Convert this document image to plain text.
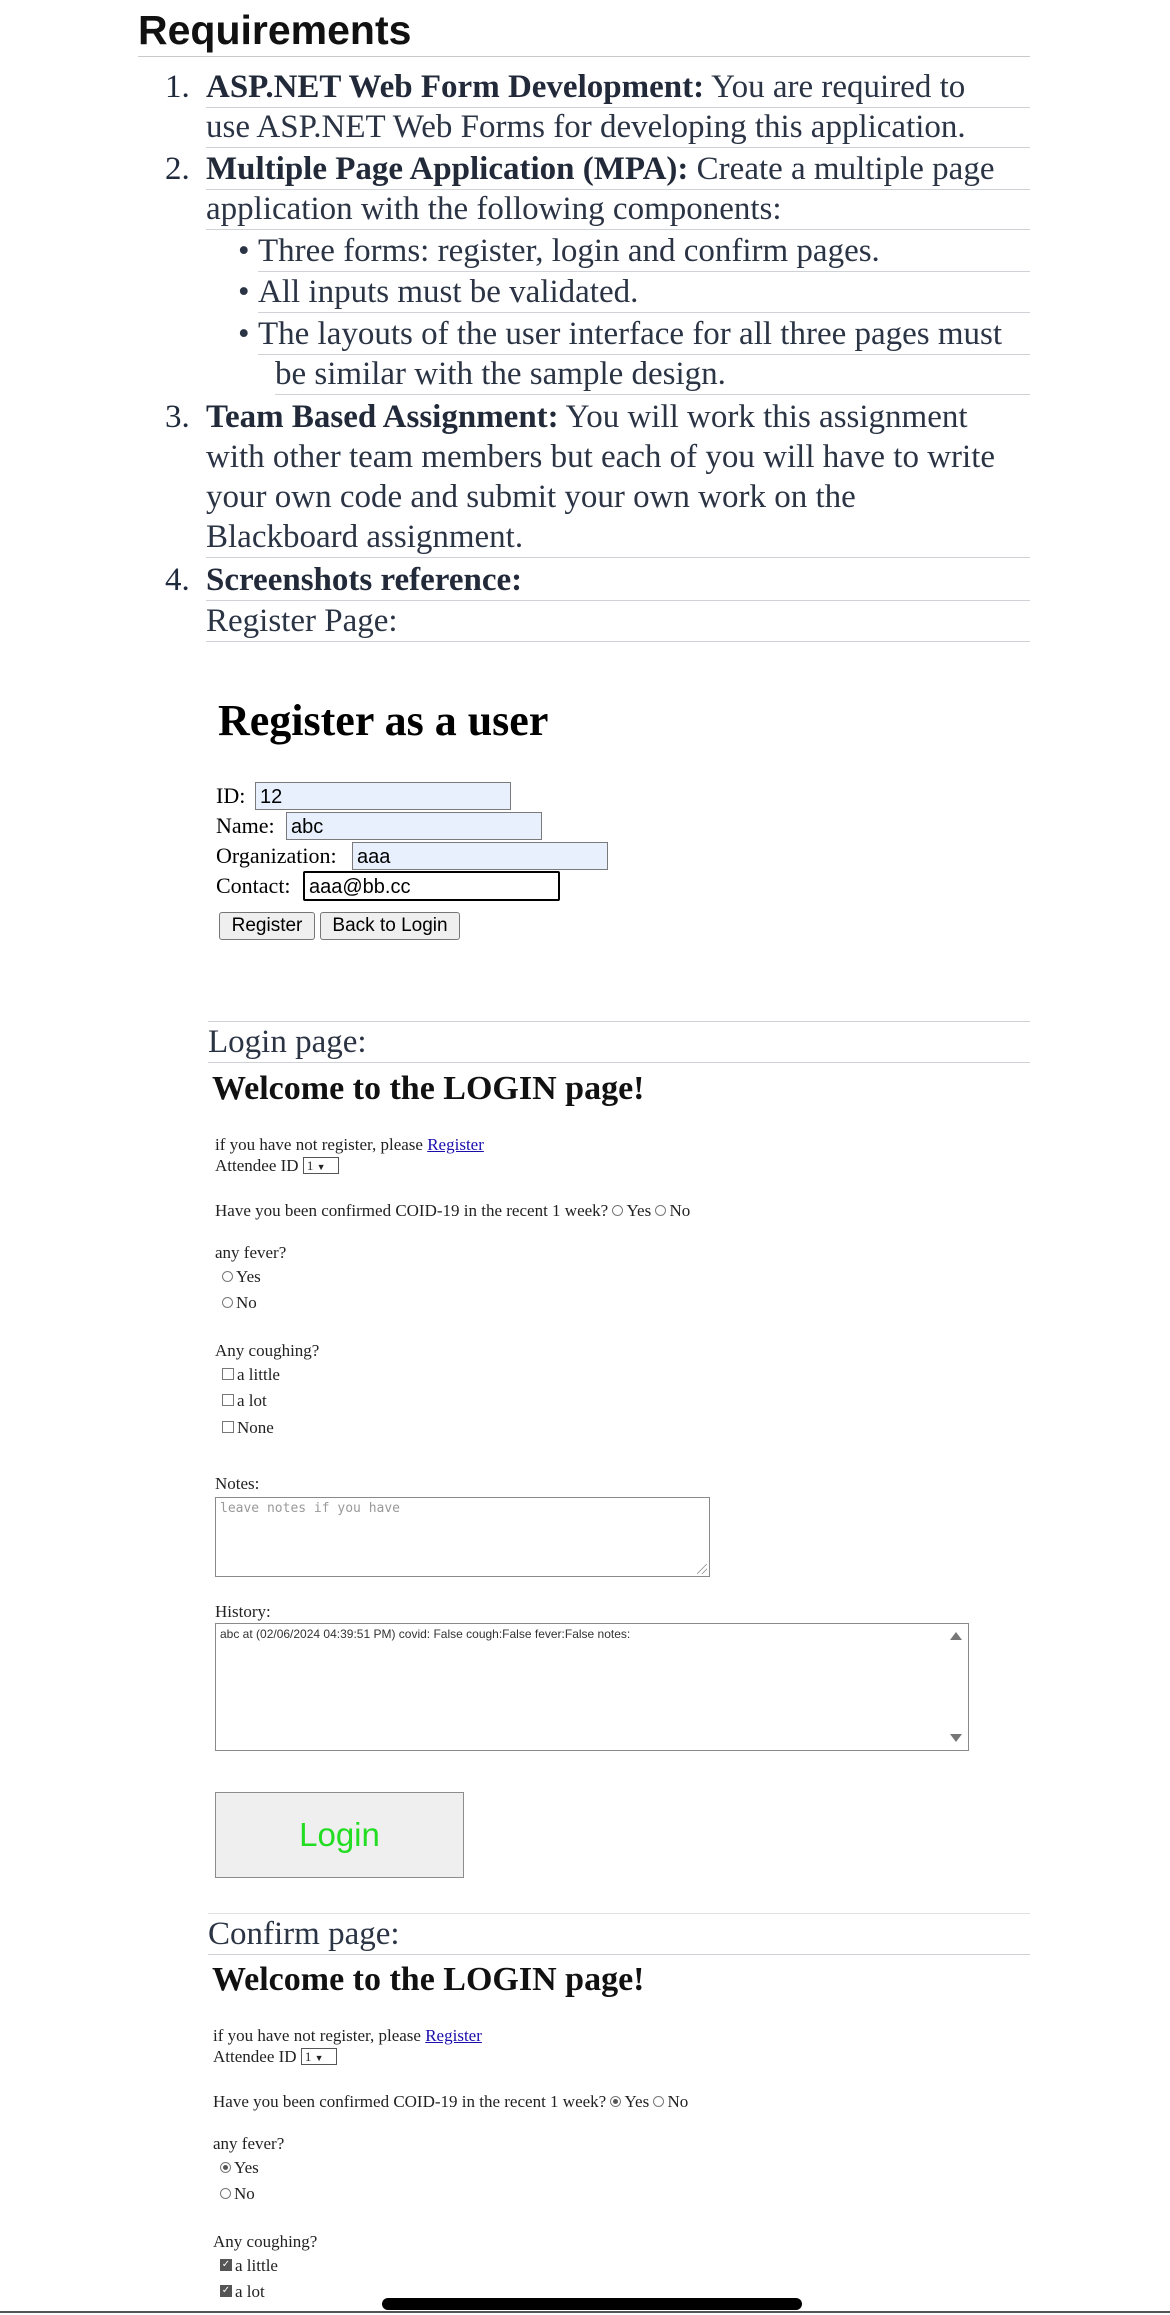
Requirements
1. ASP.NET Web Form Development: You are required to
use ASP.NET Web Forms for developing this application.
2. Multiple Page Application (MPA): Create a multiple page
application with the following components:
• Three forms: register, login and confirm pages.
• All inputs must be validated.
• The layouts of the user interface for all three pages must
be similar with the sample design.
3. Team Based Assignment: You will work this assignment
with other team members but each of you will have to write
your own code and submit your own work on the
Blackboard assignment.
4. Screenshots reference:
Register Page:
Register as a user
ID: 12
Name: abc
Organization: aaa
Contact: aaa@bb.cc
Register	Back to Login
Login page:
Welcome to the LOGIN page!
if you have not register, please Register
Attendee ID 1 ▼
Have you been confirmed COID-19 in the recent 1 week? Yes No
any fever?
Yes
No
Any coughing?
a little
a lot
None
Notes:
leave notes if you have
History:
abc at (02/06/2024 04:39:51 PM) covid: False cough:False fever:False notes:
Login
Confirm page:
Welcome to the LOGIN page!
if you have not register, please Register
Attendee ID 1 ▼
Have you been confirmed COID-19 in the recent 1 week? Yes No
any fever?
Yes
No
Any coughing?
✓ a little
✓ a lot
